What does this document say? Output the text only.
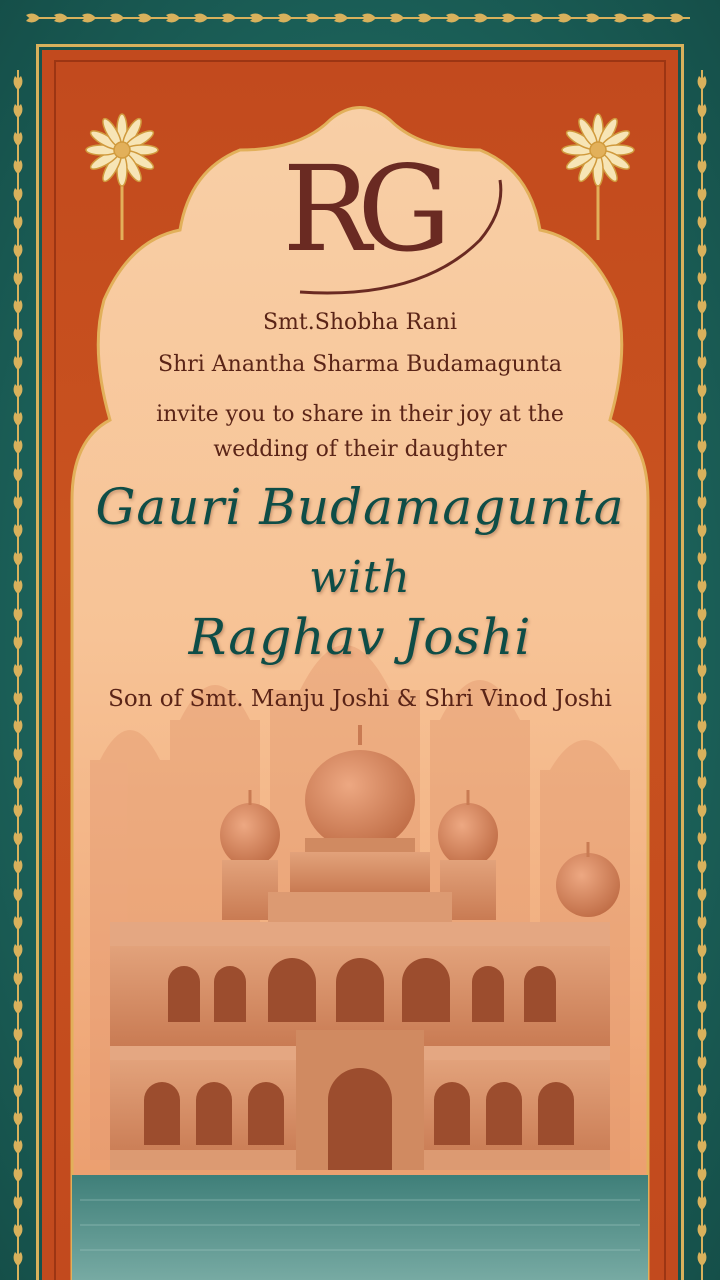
RG
Smt.Shobha Rani
Shri Anantha Sharma Budamagunta
invite you to share in their joy at the
wedding of their daughter
Gauri Budamagunta
with
Raghav Joshi
Son of Smt. Manju Joshi & Shri Vinod Joshi
